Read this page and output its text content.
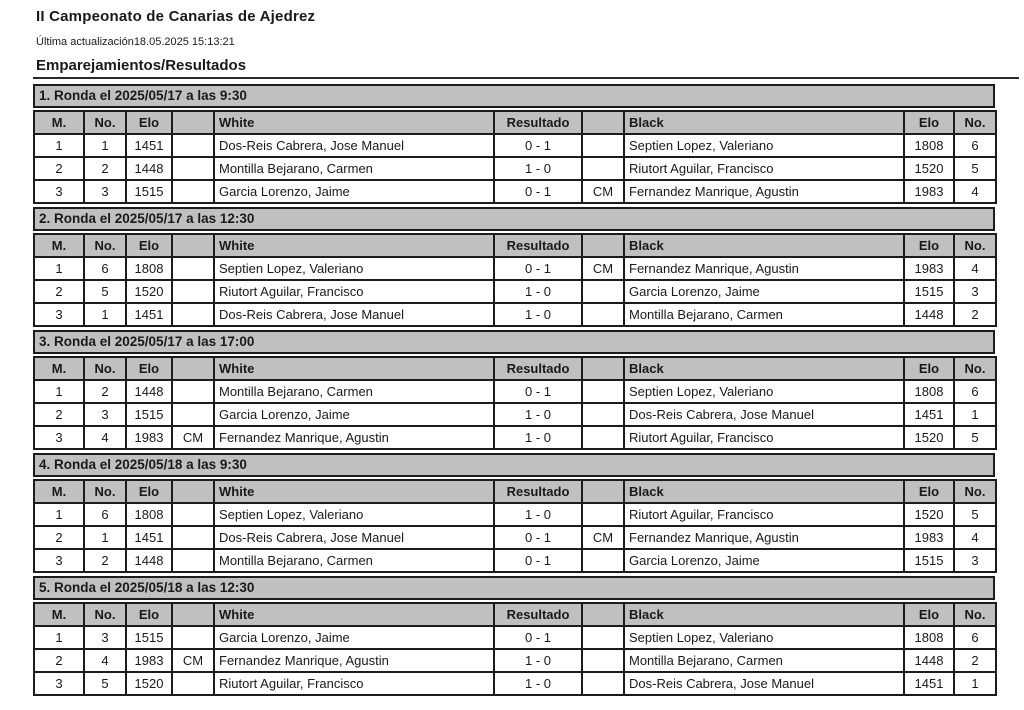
II Campeonato de Canarias de Ajedrez
Última actualización18.05.2025 15:13:21
Emparejamientos/Resultados
1. Ronda el 2025/05/17 a las 9:30
M.	No.	Elo		White	Resultado		Black	Elo	No.
1	1	1451		Dos-Reis Cabrera, Jose Manuel	0 - 1		Septien Lopez, Valeriano	1808	6
2	2	1448		Montilla Bejarano, Carmen	1 - 0		Riutort Aguilar, Francisco	1520	5
3	3	1515		Garcia Lorenzo, Jaime	0 - 1	CM	Fernandez Manrique, Agustin	1983	4
2. Ronda el 2025/05/17 a las 12:30
M.	No.	Elo		White	Resultado		Black	Elo	No.
1	6	1808		Septien Lopez, Valeriano	0 - 1	CM	Fernandez Manrique, Agustin	1983	4
2	5	1520		Riutort Aguilar, Francisco	1 - 0		Garcia Lorenzo, Jaime	1515	3
3	1	1451		Dos-Reis Cabrera, Jose Manuel	1 - 0		Montilla Bejarano, Carmen	1448	2
3. Ronda el 2025/05/17 a las 17:00
M.	No.	Elo		White	Resultado		Black	Elo	No.
1	2	1448		Montilla Bejarano, Carmen	0 - 1		Septien Lopez, Valeriano	1808	6
2	3	1515		Garcia Lorenzo, Jaime	1 - 0		Dos-Reis Cabrera, Jose Manuel	1451	1
3	4	1983	CM	Fernandez Manrique, Agustin	1 - 0		Riutort Aguilar, Francisco	1520	5
4. Ronda el 2025/05/18 a las 9:30
M.	No.	Elo		White	Resultado		Black	Elo	No.
1	6	1808		Septien Lopez, Valeriano	1 - 0		Riutort Aguilar, Francisco	1520	5
2	1	1451		Dos-Reis Cabrera, Jose Manuel	0 - 1	CM	Fernandez Manrique, Agustin	1983	4
3	2	1448		Montilla Bejarano, Carmen	0 - 1		Garcia Lorenzo, Jaime	1515	3
5. Ronda el 2025/05/18 a las 12:30
M.	No.	Elo		White	Resultado		Black	Elo	No.
1	3	1515		Garcia Lorenzo, Jaime	0 - 1		Septien Lopez, Valeriano	1808	6
2	4	1983	CM	Fernandez Manrique, Agustin	1 - 0		Montilla Bejarano, Carmen	1448	2
3	5	1520		Riutort Aguilar, Francisco	1 - 0		Dos-Reis Cabrera, Jose Manuel	1451	1
